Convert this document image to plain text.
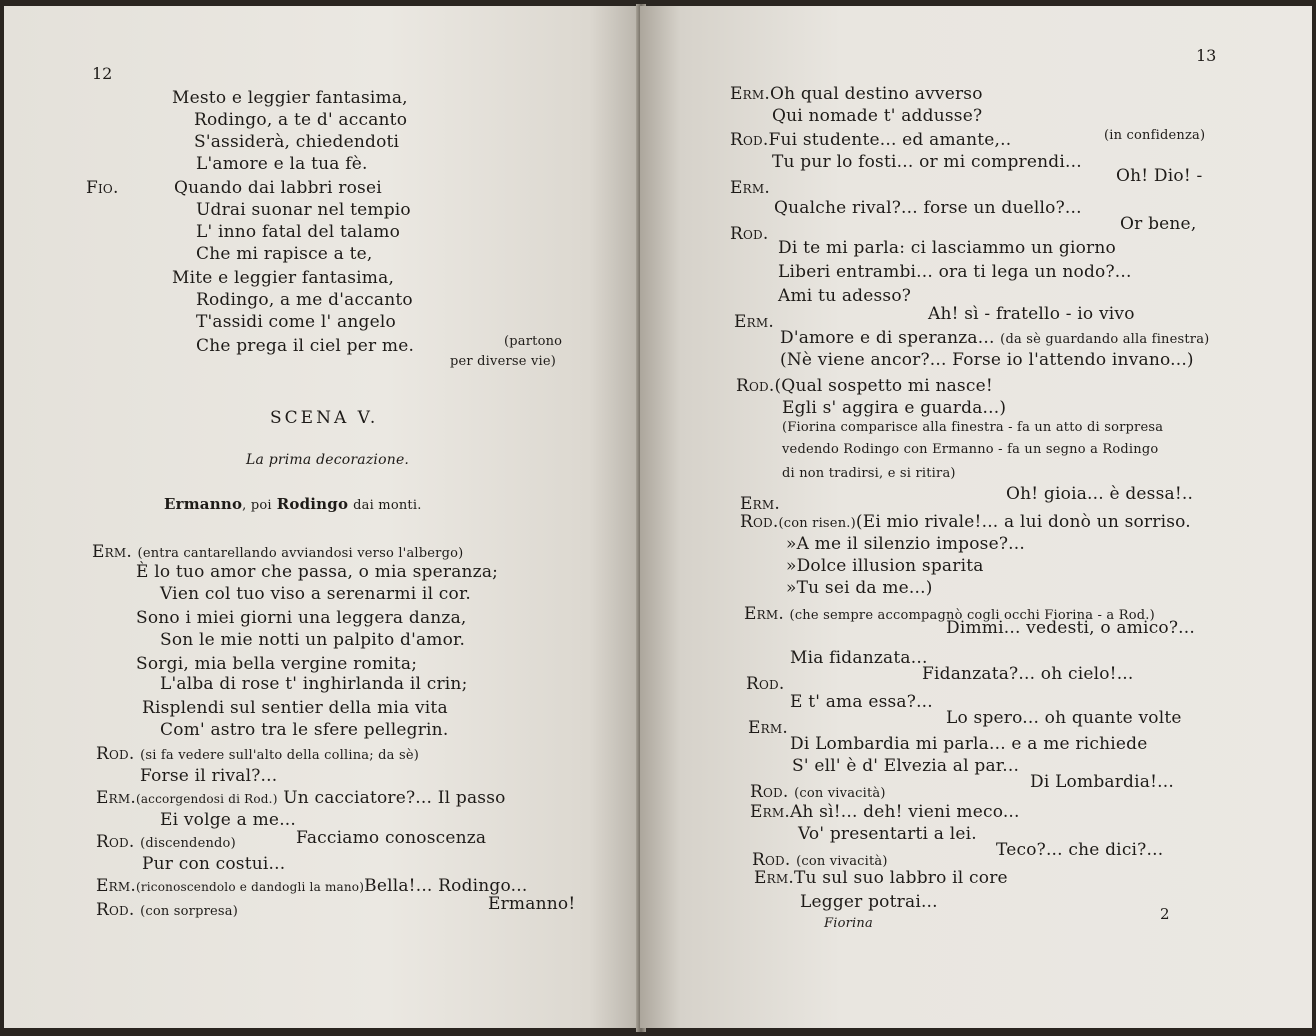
12
Mesto e leggier fantasima,
Rodingo, a te d' accanto
S'assiderà, chiedendoti
L'amore e la tua fè.
Fio.	Quando dai labbri rosei
Udrai suonar nel tempio
L' inno fatal del talamo
Che mi rapisce a te,
Mite e leggier fantasima,
Rodingo, a me d'accanto
T'assidi come l' angelo
Che prega il ciel per me.	(partono
per diverse vie)
SCENA V.
La prima decorazione.
Ermanno, poi Rodingo dai monti.
Erm. (entra cantarellando avviandosi verso l'albergo)
È lo tuo amor che passa, o mia speranza;
Vien col tuo viso a serenarmi il cor.
Sono i miei giorni una leggera danza,
Son le mie notti un palpito d'amor.
Sorgi, mia bella vergine romita;
L'alba di rose t' inghirlanda il crin;
Risplendi sul sentier della mia vita
Com' astro tra le sfere pellegrin.
Rod. (si fa vedere sull'alto della collina; da sè)
Forse il rival?...
Erm.(accorgendosi di Rod.) Un cacciatore?... Il passo
Ei volge a me...
Rod. (discendendo)	Facciamo conoscenza
Pur con costui...
Erm.(riconoscendolo e dandogli la mano)Bella!... Rodingo...
Rod. (con sorpresa)	Ermanno!
13
Erm.Oh qual destino avverso
Qui nomade t' addusse?
Rod.Fui studente... ed amante,..	(in confidenza)
Tu pur lo fosti... or mi comprendi...
Erm.
Oh! Dio! -
Qualche rival?... forse un duello?...
Rod.	Or bene,
Di te mi parla: ci lasciammo un giorno
Liberi entrambi... ora ti lega un nodo?...
Ami tu adesso?
Erm.	Ah! sì - fratello - io vivo
D'amore e di speranza... (da sè guardando alla finestra)
(Nè viene ancor?... Forse io l'attendo invano...)
Rod.(Qual sospetto mi nasce!
Egli s' aggira e guarda...)
(Fiorina comparisce alla finestra - fa un atto di sorpresa
vedendo Rodingo con Ermanno - fa un segno a Rodingo
di non tradirsi, e si ritira)
Erm.	Oh! gioia... è dessa!..
Rod.(con risen.)(Ei mio rivale!... a lui donò un sorriso.
»A me il silenzio impose?...
»Dolce illusion sparita
»Tu sei da me...)
Erm. (che sempre accompagnò cogli occhi Fiorina - a Rod.)
Dimmi... vedesti, o amico?...
Mia fidanzata...
Rod.	Fidanzata?... oh cielo!...
E t' ama essa?...
Erm.	Lo spero... oh quante volte
Di Lombardia mi parla... e a me richiede
S' ell' è d' Elvezia al par...
Rod. (con vivacità)
Di Lombardia!...
Erm.Ah sì!... deh! vieni meco...
Vo' presentarti a lei.
Rod. (con vivacità)
Teco?... che dici?...
Erm.Tu sul suo labbro il core
Legger potrai...
Fiorina
2
